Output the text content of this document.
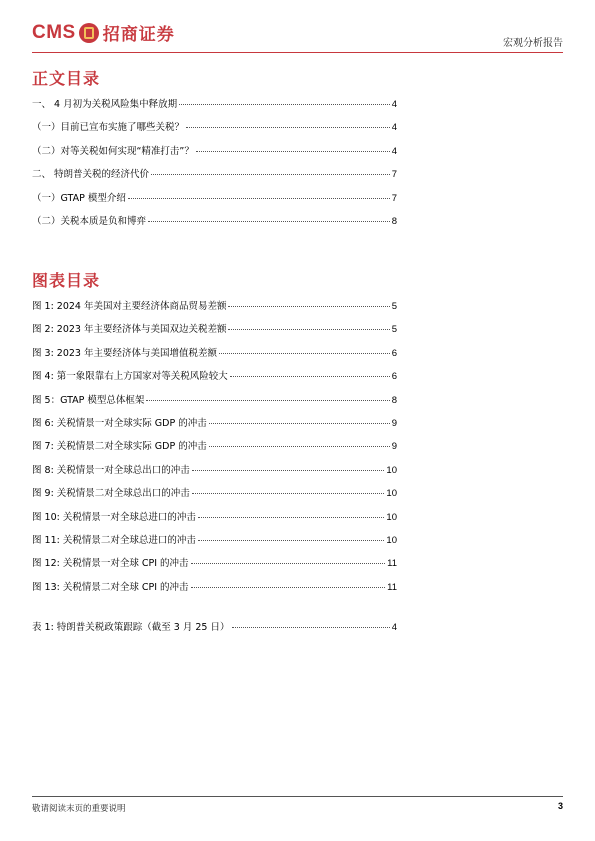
CMS 招商证券	宏观分析报告
正文目录
一、 4 月初为关税风险集中释放期	4
（一）目前已宣布实施了哪些关税？	4
（二）对等关税如何实现“精准打击”？	4
二、 特朗普关税的经济代价	7
（一）GTAP 模型介绍	7
（二）关税本质是负和博弈	8
图表目录
图 1: 2024 年美国对主要经济体商品贸易差额	5
图 2: 2023 年主要经济体与美国双边关税差额	5
图 3: 2023 年主要经济体与美国增值税差额	6
图 4: 第一象限靠右上方国家对等关税风险较大	6
图 5：GTAP 模型总体框架	8
图 6: 关税情景一对全球实际 GDP 的冲击	9
图 7: 关税情景二对全球实际 GDP 的冲击	9
图 8: 关税情景一对全球总出口的冲击	10
图 9: 关税情景二对全球总出口的冲击	10
图 10: 关税情景一对全球总进口的冲击	10
图 11: 关税情景二对全球总进口的冲击	10
图 12: 关税情景一对全球 CPI 的冲击	11
图 13: 关税情景二对全球 CPI 的冲击	11
表 1: 特朗普关税政策跟踪（截至 3 月 25 日）	4
敬请阅读末页的重要说明	3
